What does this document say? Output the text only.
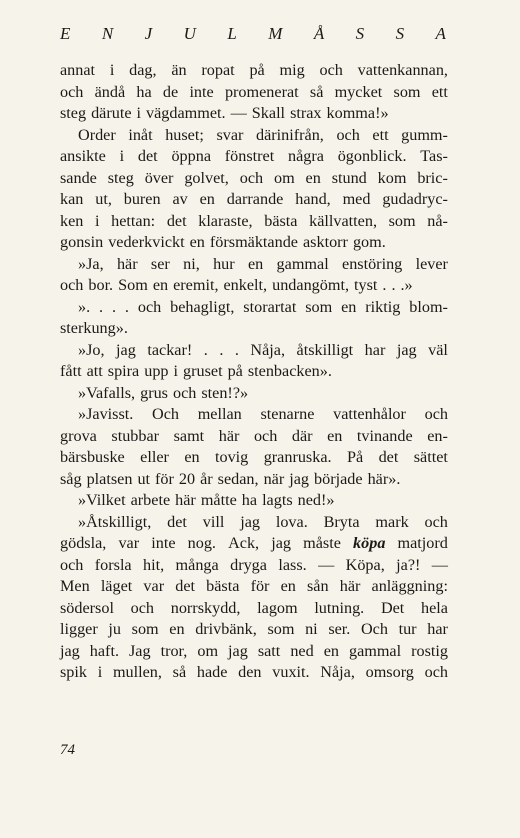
E N J U L M Å S S A
annat i dag, än ropat på mig och vattenkannan,
och ändå ha de inte promenerat så mycket som ett
steg därute i vägdammet. — Skall strax komma!»
Order inåt huset; svar därinifrån, och ett gumm-
ansikte i det öppna fönstret några ögonblick. Tas-
sande steg över golvet, och om en stund kom bric-
kan ut, buren av en darrande hand, med gudadryc-
ken i hettan: det klaraste, bästa källvatten, som nå-
gonsin vederkvickt en försmäktande asktorr gom.
»Ja, här ser ni, hur en gammal enstöring lever
och bor. Som en eremit, enkelt, undangömt, tyst . . .»
». . . . och behagligt, storartat som en riktig blom-
sterkung».
»Jo, jag tackar! . . . Nåja, åtskilligt har jag väl
fått att spira upp i gruset på stenbacken».
»Vafalls, grus och sten!?»
»Javisst. Och mellan stenarne vattenhålor och
grova stubbar samt här och där en tvinande en-
bärsbuske eller en tovig granruska. På det sättet
såg platsen ut för 20 år sedan, när jag började här».
»Vilket arbete här måtte ha lagts ned!»
»Åtskilligt, det vill jag lova. Bryta mark och
gödsla, var inte nog. Ack, jag måste köpa matjord
och forsla hit, många dryga lass. — Köpa, ja?! —
Men läget var det bästa för en sån här anläggning:
södersol och norrskydd, lagom lutning. Det hela
ligger ju som en drivbänk, som ni ser. Och tur har
jag haft. Jag tror, om jag satt ned en gammal rostig
spik i mullen, så hade den vuxit. Nåja, omsorg och
74
